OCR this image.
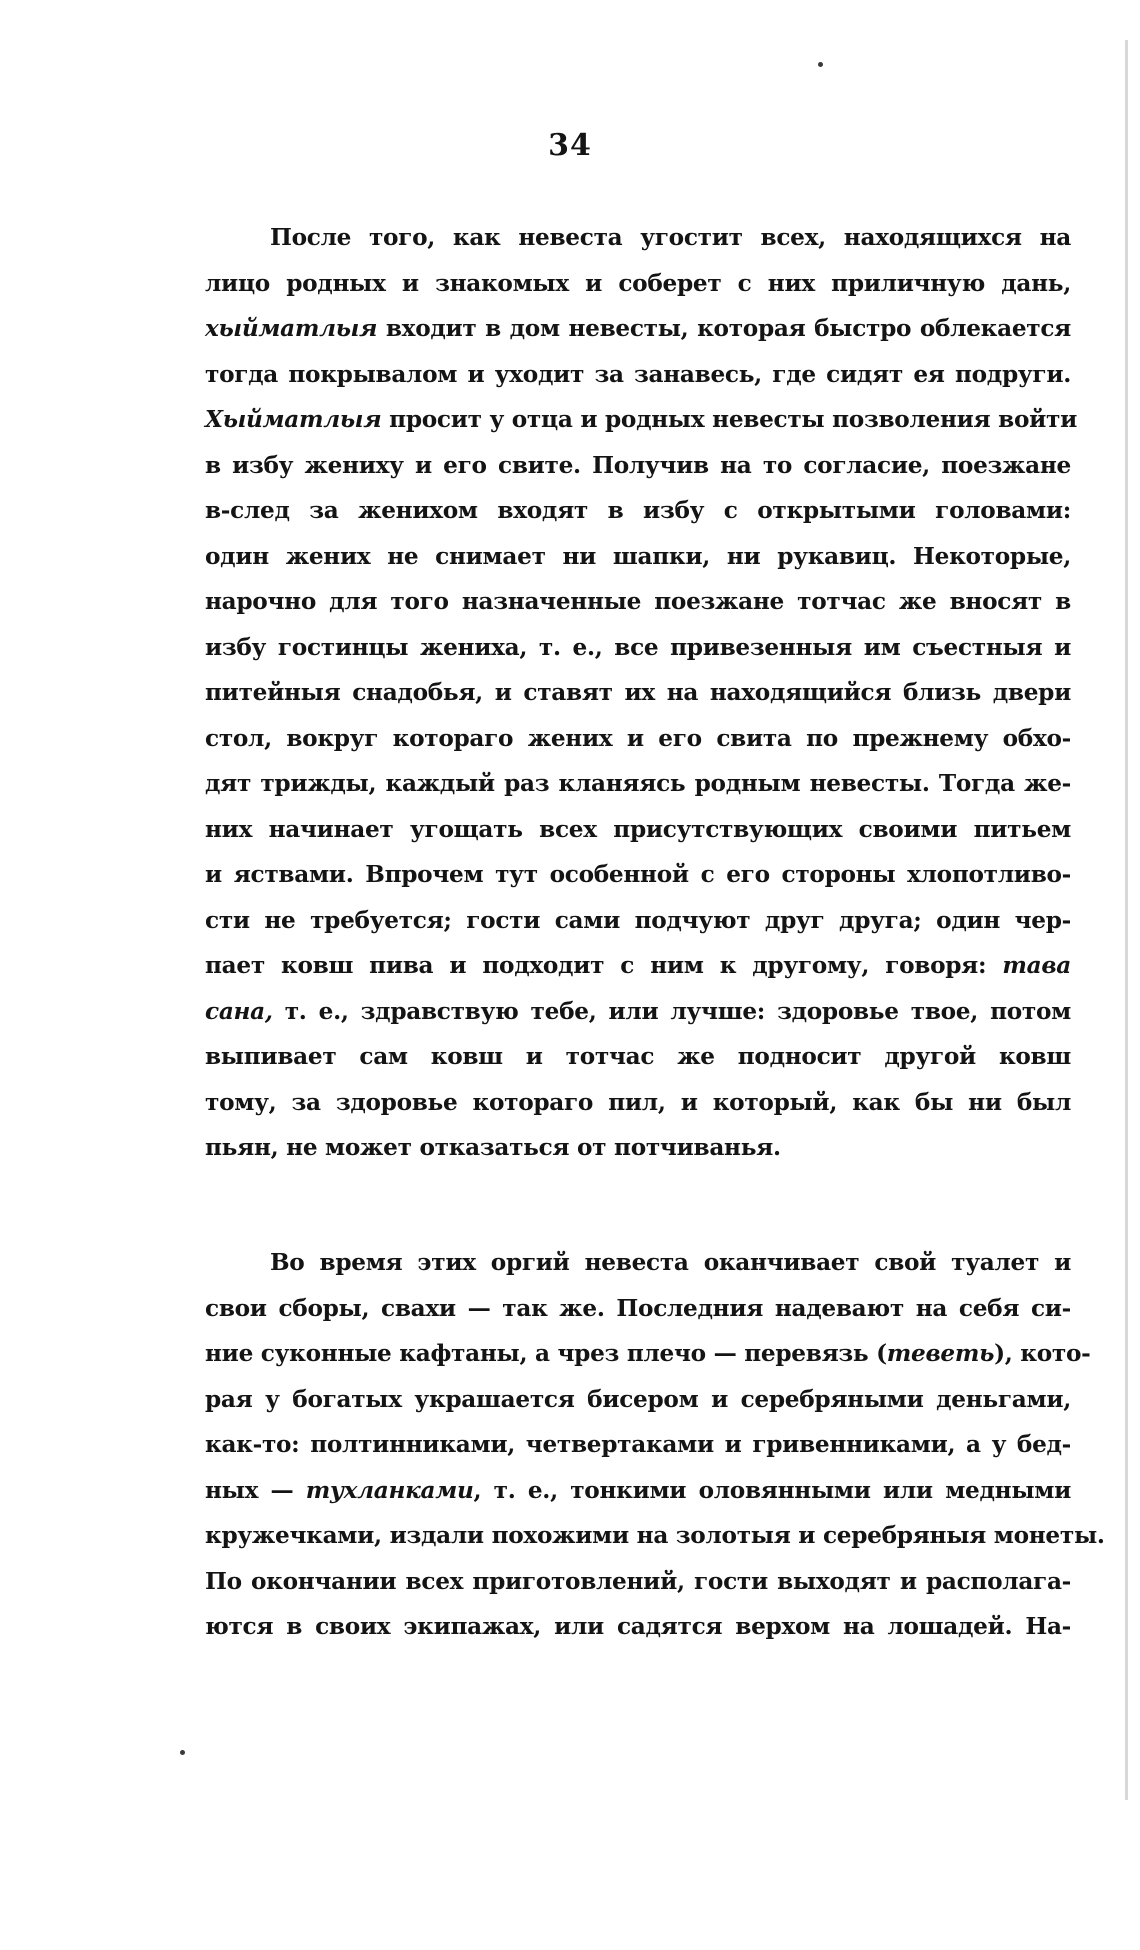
34
После того, как невеста угостит всех, находящихся на
лицо родных и знакомых и соберет с них приличную дань,
хыйматлыя входит в дом невесты, которая быстро облекается
тогда покрывалом и уходит за занавесь, где сидят ея подруги.
Хыйматлыя просит у отца и родных невесты позволения войти
в избу жениху и его свите. Получив на то согласие, поезжане
в-след за женихом входят в избу с открытыми головами:
один жених не снимает ни шапки, ни рукавиц. Некоторые,
нарочно для того назначенные поезжане тотчас же вносят в
избу гостинцы жениха, т. е., все привезенныя им съестныя и
питейныя снадобья, и ставят их на находящийся близь двери
стол, вокруг котораго жених и его свита по прежнему обхо-
дят трижды, каждый раз кланяясь родным невесты. Тогда же-
них начинает угощать всех присутствующих своими питьем
и яствами. Впрочем тут особенной с его стороны хлопотливо-
сти не требуется; гости сами подчуют друг друга; один чер-
пает ковш пива и подходит с ним к другому, говоря: тава
сана, т. е., здравствую тебе, или лучше: здоровье твое, потом
выпивает сам ковш и тотчас же подносит другой ковш
тому, за здоровье котораго пил, и который, как бы ни был
пьян, не может отказаться от потчиванья.
Во время этих оргий невеста оканчивает свой туалет и
свои сборы, свахи — так же. Последния надевают на себя си-
ние суконные кафтаны, а чрез плечо — перевязь (теветь), кото-
рая у богатых украшается бисером и серебряными деньгами,
как-то: полтинниками, четвертаками и гривенниками, а у бед-
ных — тухланками, т. е., тонкими оловянными или медными
кружечками, издали похожими на золотыя и серебряныя монеты.
По окончании всех приготовлений, гости выходят и располага-
ются в своих экипажах, или садятся верхом на лошадей. На-
